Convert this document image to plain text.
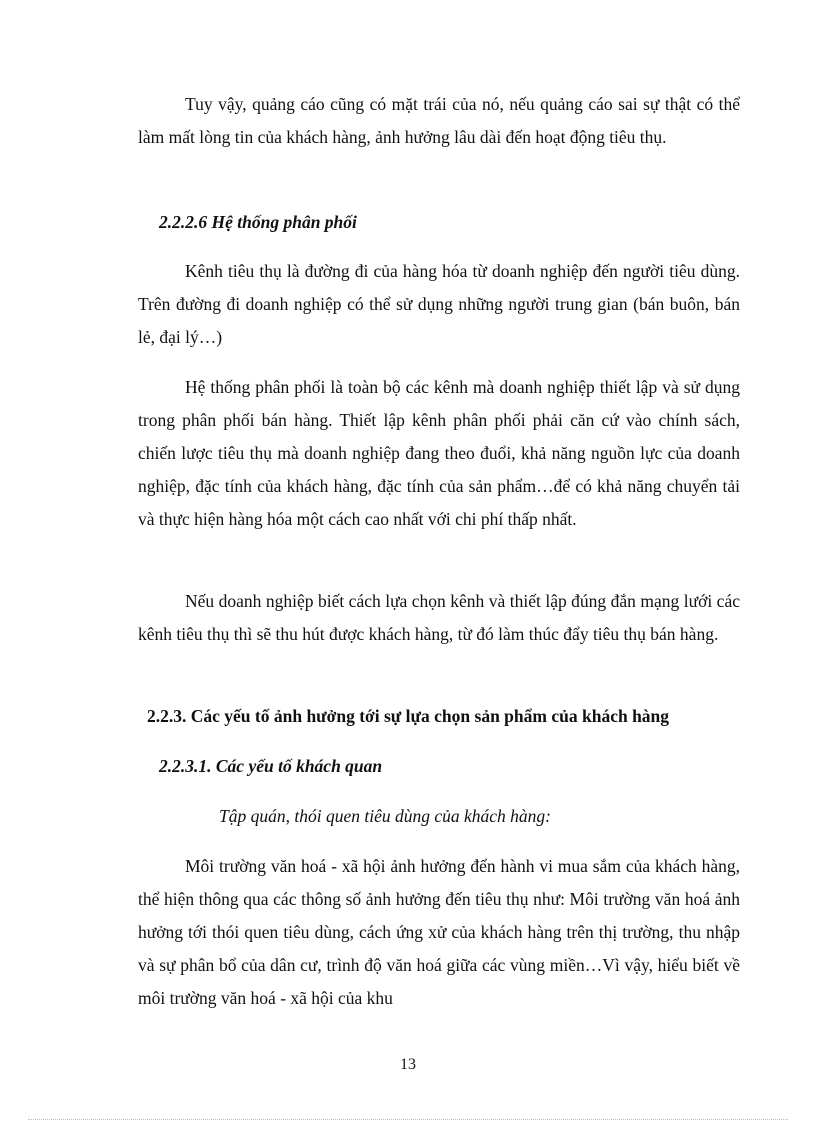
Tuy vậy, quảng cáo cũng có mặt trái của nó, nếu quảng cáo sai sự thật có thể làm mất lòng tin của khách hàng, ảnh hưởng lâu dài đến hoạt động tiêu thụ.

2.2.2.6 Hệ thống phân phối

Kênh tiêu thụ là đường đi của hàng hóa từ doanh nghiệp đến người tiêu dùng. Trên đường đi doanh nghiệp có thể sử dụng những người trung gian (bán buôn, bán lẻ, đại lý…)

Hệ thống phân phối là toàn bộ các kênh mà doanh nghiệp thiết lập và sử dụng trong phân phối bán hàng. Thiết lập kênh phân phối phải căn cứ vào chính sách, chiến lược tiêu thụ mà doanh nghiệp đang theo đuổi, khả năng nguồn lực của doanh nghiệp, đặc tính của khách hàng, đặc tính của sản phẩm…để có khả năng chuyển tải và thực hiện hàng hóa một cách cao nhất với chi phí thấp nhất.

Nếu doanh nghiệp biết cách lựa chọn kênh và thiết lập đúng đắn mạng lưới các kênh tiêu thụ thì sẽ thu hút được khách hàng, từ đó làm thúc đẩy tiêu thụ bán hàng.

2.2.3. Các yếu tố ảnh hưởng tới sự lựa chọn sản phẩm của khách hàng
2.2.3.1. Các yếu tố khách quan

Tập quán, thói quen tiêu dùng của khách hàng:

Môi trường văn hoá - xã hội ảnh hưởng đến hành vi mua sắm của khách hàng, thể hiện thông qua các thông số ảnh hưởng đến tiêu thụ như: Môi trường văn hoá ảnh hưởng tới thói quen tiêu dùng, cách ứng xử của khách hàng trên thị trường, thu nhập và sự phân bổ của dân cư, trình độ văn hoá giữa các vùng miền…Vì vậy, hiểu biết về môi trường văn hoá - xã hội của khu

13
